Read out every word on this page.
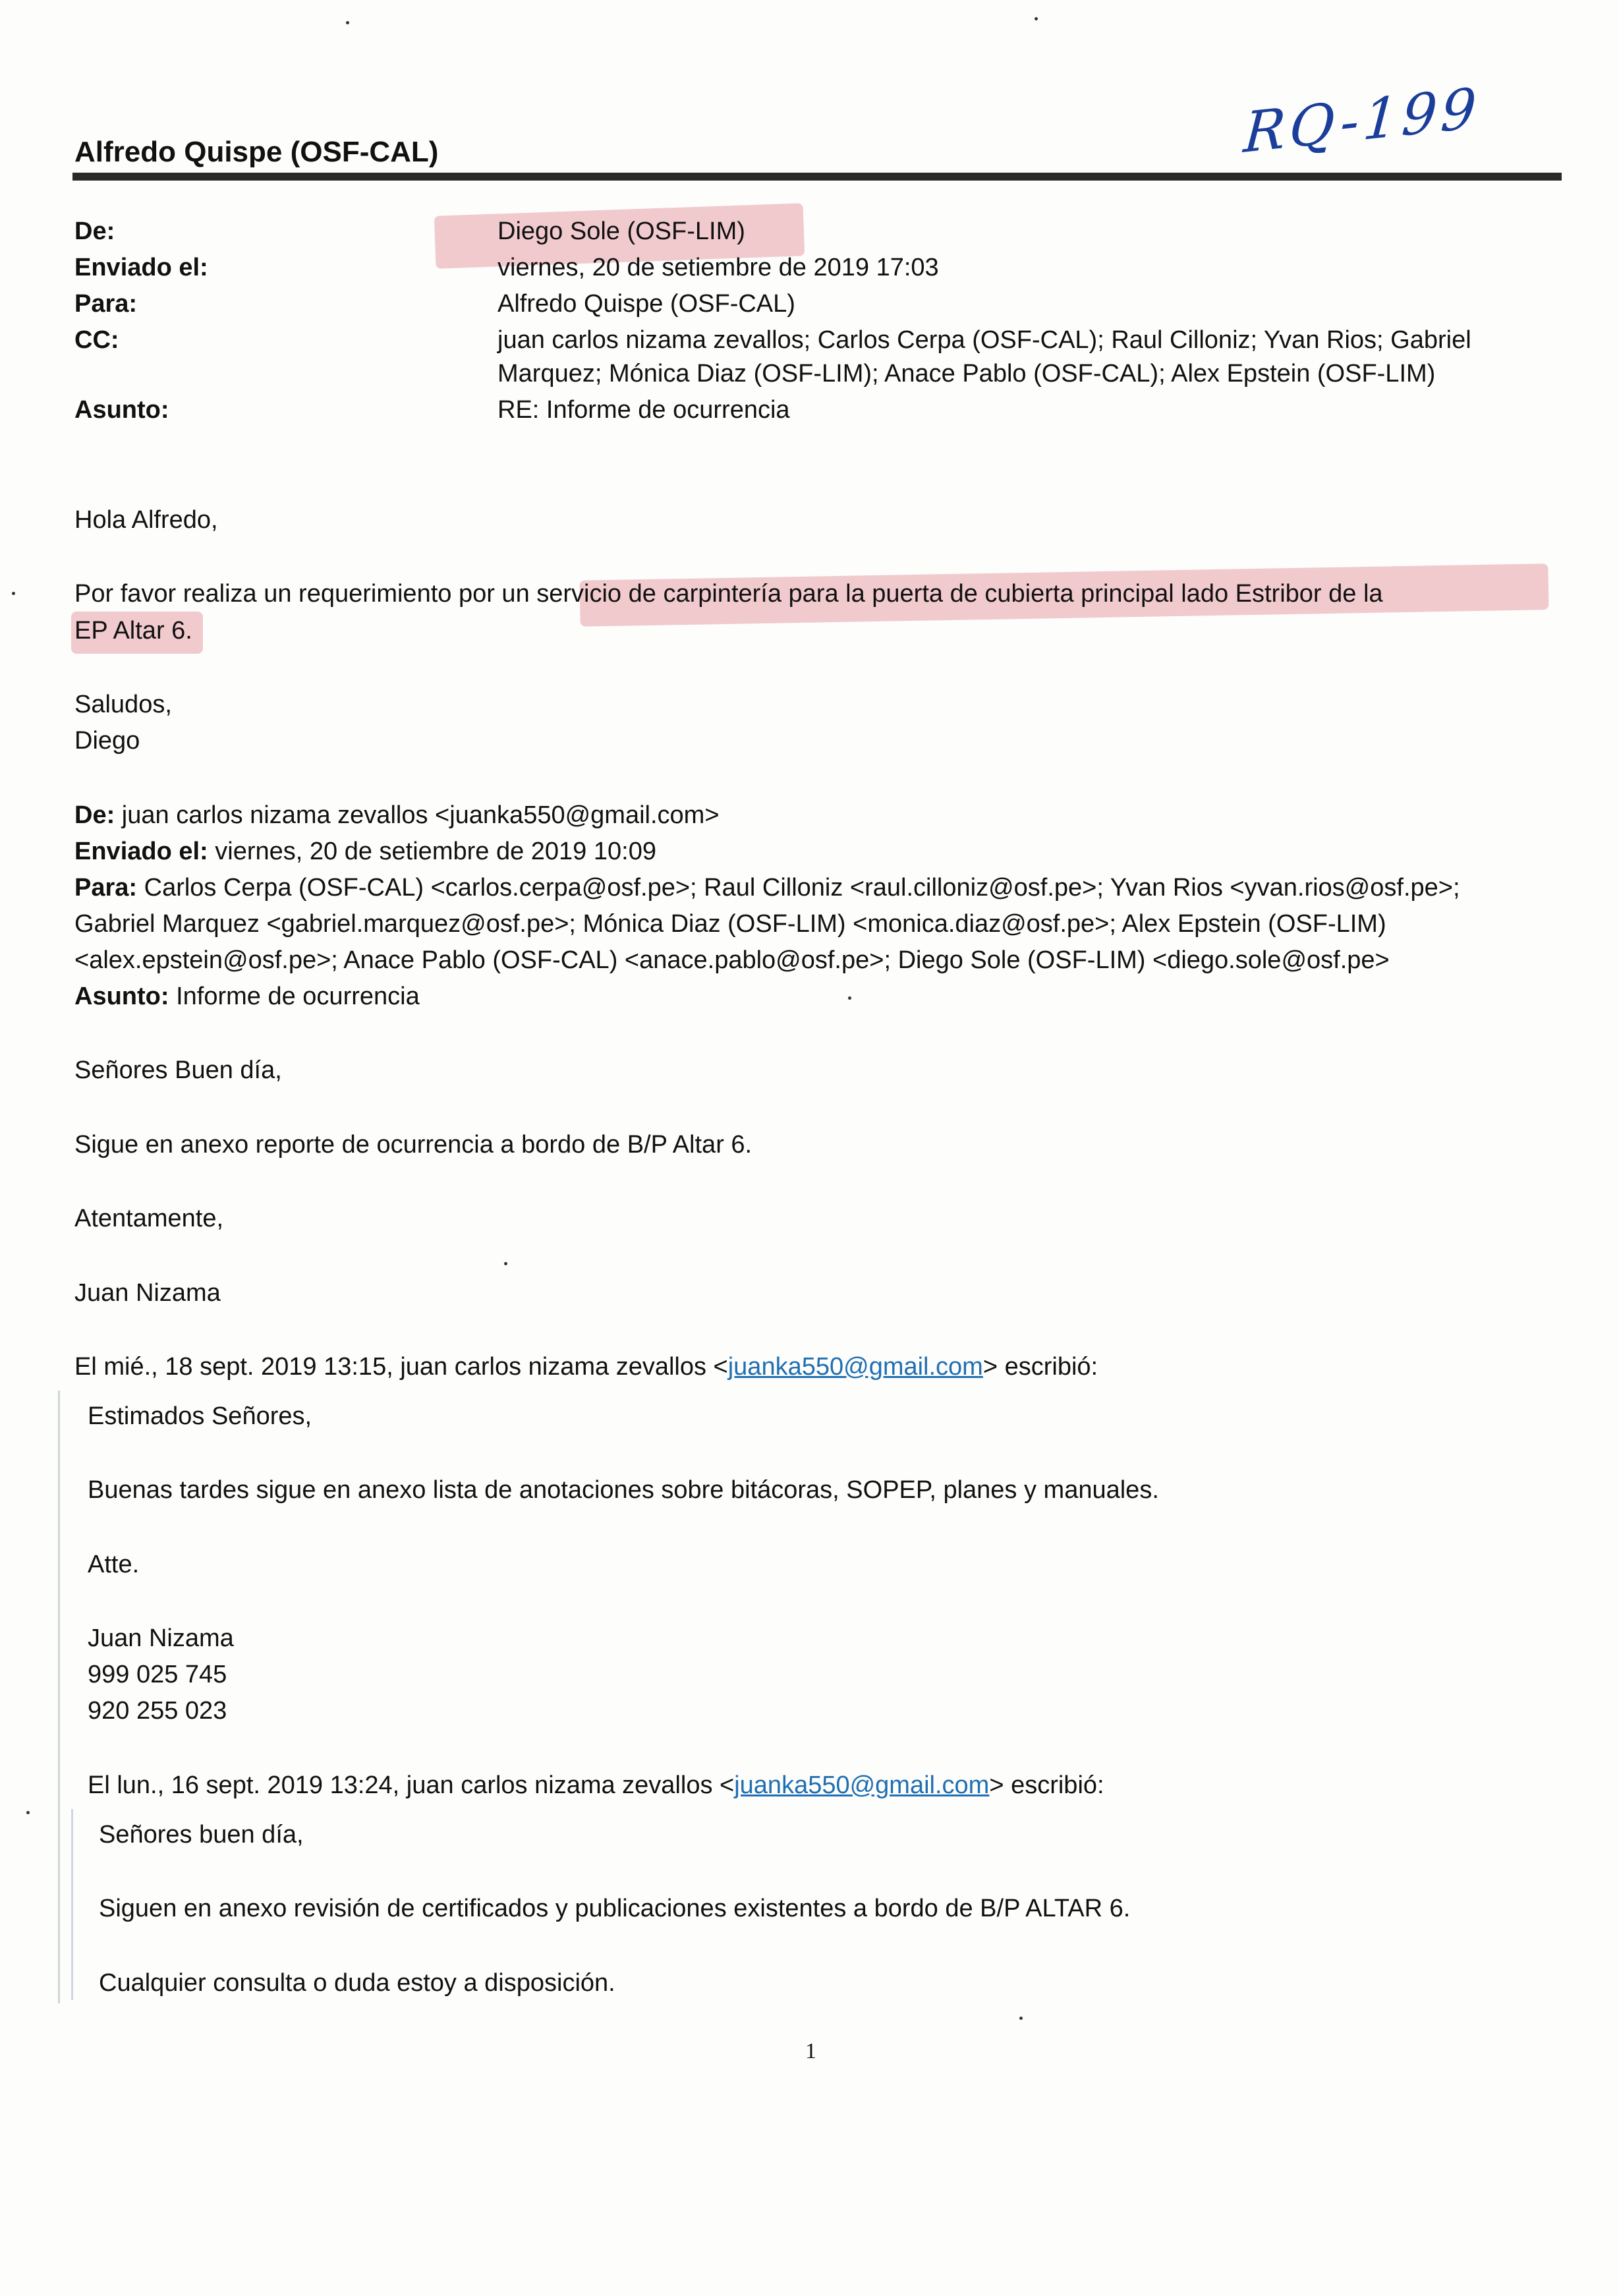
Alfredo Quispe (OSF-CAL)	RQ-199
De:	Diego Sole (OSF-LIM)
Enviado el:	viernes, 20 de setiembre de 2019 17:03
Para:	Alfredo Quispe (OSF-CAL)
CC:	juan carlos nizama zevallos; Carlos Cerpa (OSF-CAL); Raul Cilloniz; Yvan Rios; Gabriel
Marquez; Mónica Diaz (OSF-LIM); Anace Pablo (OSF-CAL); Alex Epstein (OSF-LIM)
Asunto:	RE: Informe de ocurrencia
Hola Alfredo,
Por favor realiza un requerimiento por un servicio de carpintería para la puerta de cubierta principal lado Estribor de la
EP Altar 6.
Saludos,
Diego
De: juan carlos nizama zevallos <juanka550@gmail.com>
Enviado el: viernes, 20 de setiembre de 2019 10:09
Para: Carlos Cerpa (OSF-CAL) <carlos.cerpa@osf.pe>; Raul Cilloniz <raul.cilloniz@osf.pe>; Yvan Rios <yvan.rios@osf.pe>;
Gabriel Marquez <gabriel.marquez@osf.pe>; Mónica Diaz (OSF-LIM) <monica.diaz@osf.pe>; Alex Epstein (OSF-LIM)
<alex.epstein@osf.pe>; Anace Pablo (OSF-CAL) <anace.pablo@osf.pe>; Diego Sole (OSF-LIM) <diego.sole@osf.pe>
Asunto: Informe de ocurrencia
Señores Buen día,
Sigue en anexo reporte de ocurrencia a bordo de B/P Altar 6.
Atentamente,
Juan Nizama
El mié., 18 sept. 2019 13:15, juan carlos nizama zevallos <juanka550@gmail.com> escribió:
Estimados Señores,
Buenas tardes sigue en anexo lista de anotaciones sobre bitácoras, SOPEP, planes y manuales.
Atte.
Juan Nizama
999 025 745
920 255 023
El lun., 16 sept. 2019 13:24, juan carlos nizama zevallos <juanka550@gmail.com> escribió:
Señores buen día,
Siguen en anexo revisión de certificados y publicaciones existentes a bordo de B/P ALTAR 6.
Cualquier consulta o duda estoy a disposición.
1
